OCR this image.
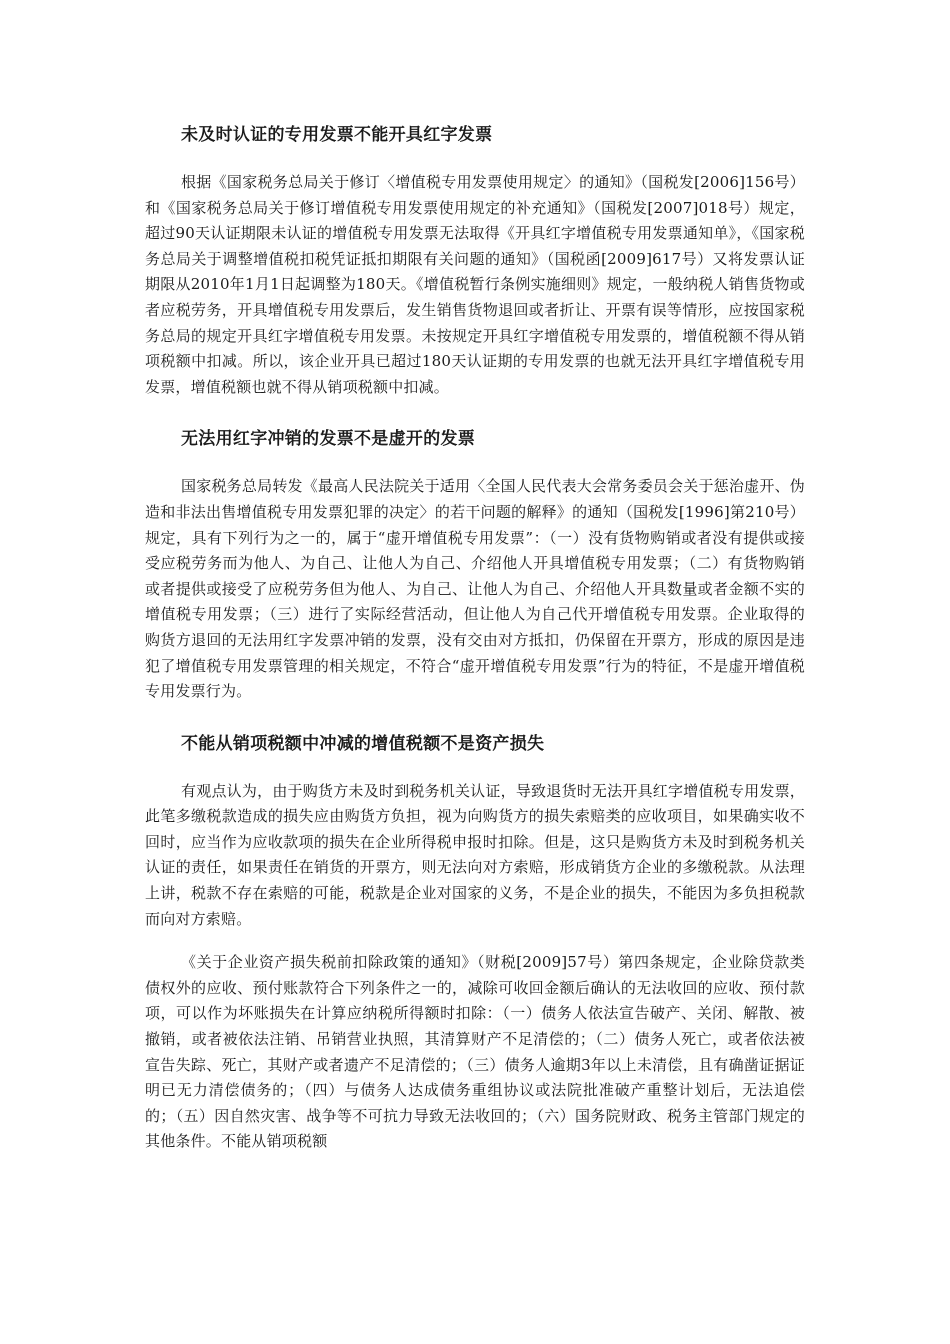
未及时认证的专用发票不能开具红字发票

根据《国家税务总局关于修订〈增值税专用发票使用规定〉的通知》（国税发[2006]156号）和《国家税务总局关于修订增值税专用发票使用规定的补充通知》（国税发[2007]018号）规定，超过90天认证期限未认证的增值税专用发票无法取得《开具红字增值税专用发票通知单》，《国家税务总局关于调整增值税扣税凭证抵扣期限有关问题的通知》（国税函[2009]617号）又将发票认证期限从2010年1月1日起调整为180天。《增值税暂行条例实施细则》规定，一般纳税人销售货物或者应税劳务，开具增值税专用发票后，发生销售货物退回或者折让、开票有误等情形，应按国家税务总局的规定开具红字增值税专用发票。未按规定开具红字增值税专用发票的，增值税额不得从销项税额中扣减。所以，该企业开具已超过180天认证期的专用发票的也就无法开具红字增值税专用发票，增值税额也就不得从销项税额中扣减。

无法用红字冲销的发票不是虚开的发票

国家税务总局转发《最高人民法院关于适用〈全国人民代表大会常务委员会关于惩治虚开、伪造和非法出售增值税专用发票犯罪的决定〉的若干问题的解释》的通知（国税发[1996]第210号）规定，具有下列行为之一的，属于“虚开增值税专用发票”：（一）没有货物购销或者没有提供或接受应税劳务而为他人、为自己、让他人为自己、介绍他人开具增值税专用发票；（二）有货物购销或者提供或接受了应税劳务但为他人、为自己、让他人为自己、介绍他人开具数量或者金额不实的增值税专用发票；（三）进行了实际经营活动，但让他人为自己代开增值税专用发票。企业取得的购货方退回的无法用红字发票冲销的发票，没有交由对方抵扣，仍保留在开票方，形成的原因是违犯了增值税专用发票管理的相关规定，不符合“虚开增值税专用发票”行为的特征，不是虚开增值税专用发票行为。

不能从销项税额中冲减的增值税额不是资产损失

有观点认为，由于购货方未及时到税务机关认证，导致退货时无法开具红字增值税专用发票，此笔多缴税款造成的损失应由购货方负担，视为向购货方的损失索赔类的应收项目，如果确实收不回时，应当作为应收款项的损失在企业所得税申报时扣除。但是，这只是购货方未及时到税务机关认证的责任，如果责任在销货的开票方，则无法向对方索赔，形成销货方企业的多缴税款。从法理上讲，税款不存在索赔的可能，税款是企业对国家的义务，不是企业的损失，不能因为多负担税款而向对方索赔。

《关于企业资产损失税前扣除政策的通知》（财税[2009]57号）第四条规定，企业除贷款类债权外的应收、预付账款符合下列条件之一的，减除可收回金额后确认的无法收回的应收、预付款项，可以作为坏账损失在计算应纳税所得额时扣除：（一）债务人依法宣告破产、关闭、解散、被撤销，或者被依法注销、吊销营业执照，其清算财产不足清偿的；（二）债务人死亡，或者依法被宣告失踪、死亡，其财产或者遗产不足清偿的；（三）债务人逾期3年以上未清偿，且有确凿证据证明已无力清偿债务的；（四）与债务人达成债务重组协议或法院批准破产重整计划后，无法追偿的；（五）因自然灾害、战争等不可抗力导致无法收回的；（六）国务院财政、税务主管部门规定的其他条件。不能从销项税额
